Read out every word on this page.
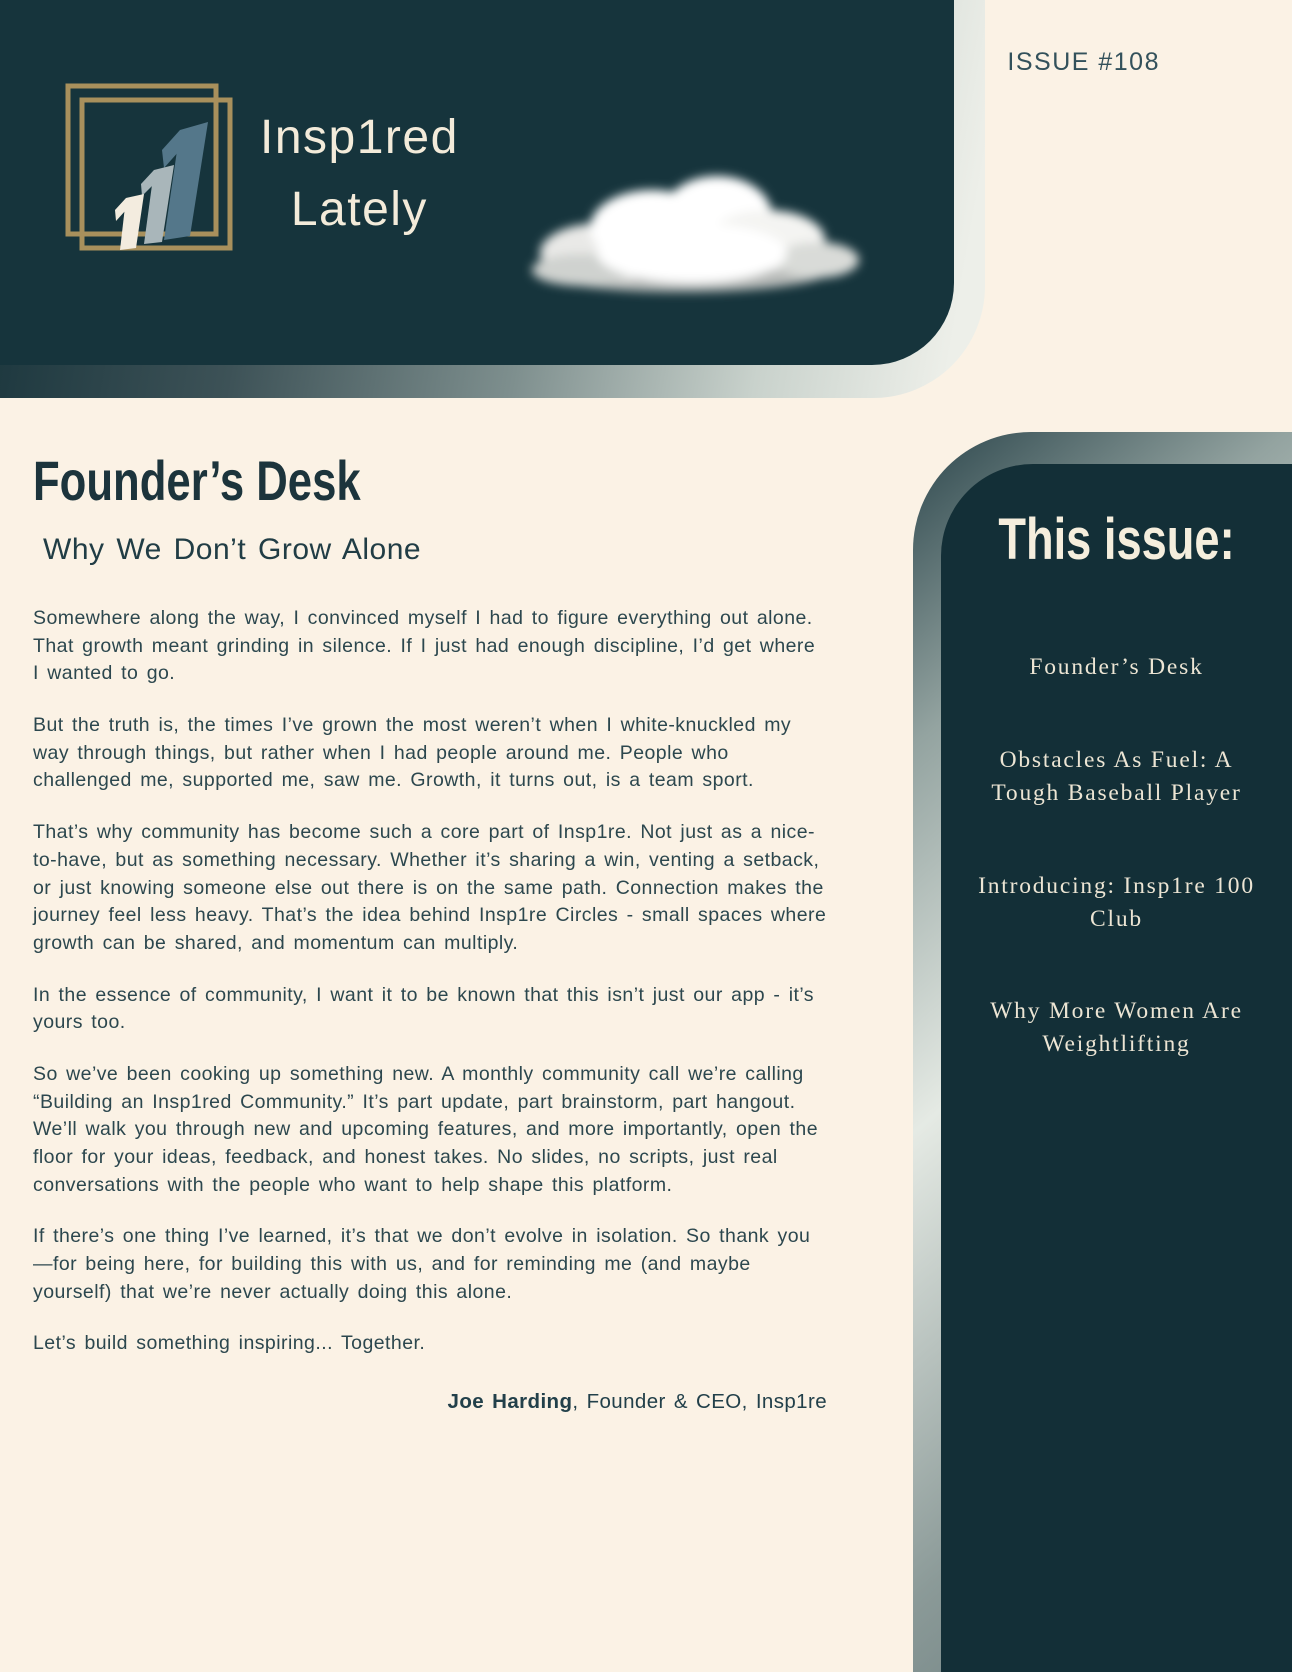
Insp1red
Lately
ISSUE #108
Founder’s Desk
Why We Don’t Grow Alone

Somewhere along the way, I convinced myself I had to figure everything out alone. That growth meant grinding in silence. If I just had enough discipline, I’d get where I wanted to go.

But the truth is, the times I’ve grown the most weren’t when I white-knuckled my way through things, but rather when I had people around me. People who challenged me, supported me, saw me. Growth, it turns out, is a team sport.

That’s why community has become such a core part of Insp1re. Not just as a nice-to-have, but as something necessary. Whether it’s sharing a win, venting a setback, or just knowing someone else out there is on the same path. Connection makes the journey feel less heavy. That’s the idea behind Insp1re Circles - small spaces where growth can be shared, and momentum can multiply.

In the essence of community, I want it to be known that this isn’t just our app - it’s yours too.

So we’ve been cooking up something new. A monthly community call we’re calling “Building an Insp1red Community.” It’s part update, part brainstorm, part hangout. We’ll walk you through new and upcoming features, and more importantly, open the floor for your ideas, feedback, and honest takes. No slides, no scripts, just real conversations with the people who want to help shape this platform.

If there’s one thing I’ve learned, it’s that we don’t evolve in isolation. So thank you—for being here, for building this with us, and for reminding me (and maybe yourself) that we’re never actually doing this alone.

Let’s build something inspiring... Together.

Joe Harding, Founder & CEO, Insp1re
This issue:
Founder’s Desk
Obstacles As Fuel: A Tough Baseball Player
Introducing: Insp1re 100 Club
Why More Women Are Weightlifting
